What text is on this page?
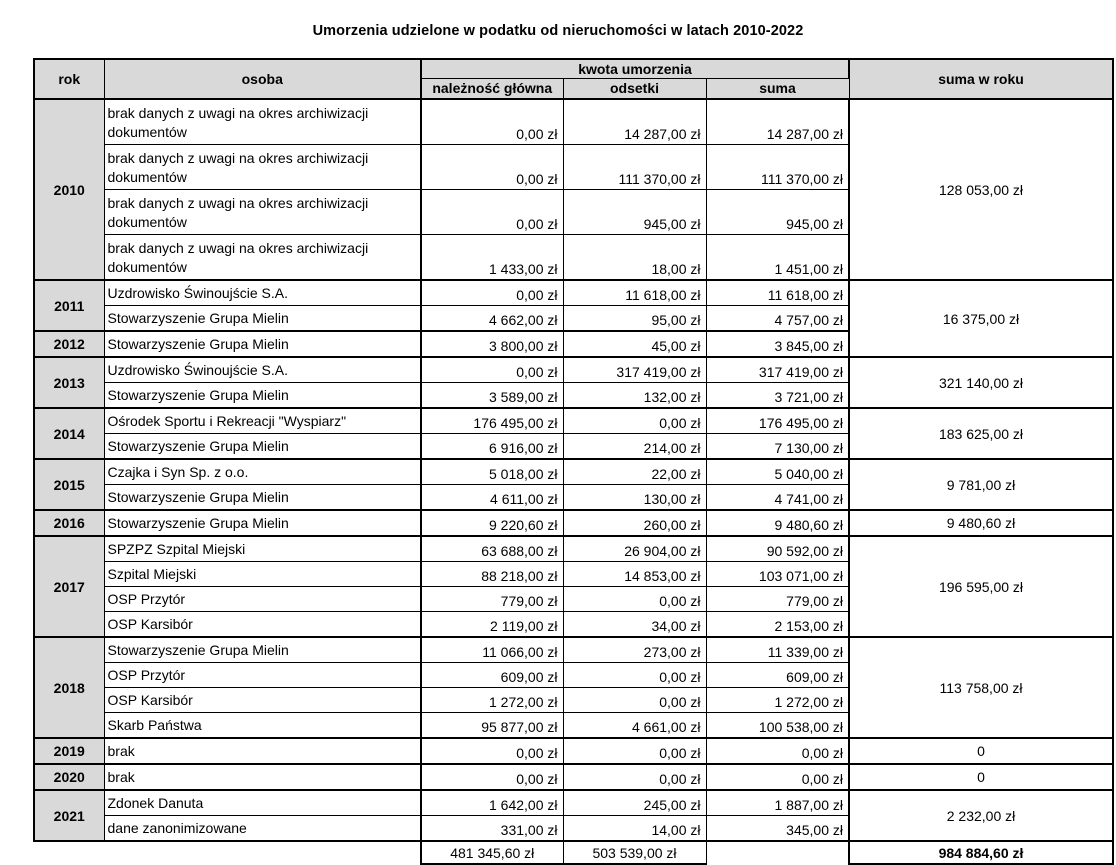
Umorzenia udzielone w podatku od nieruchomości w latach 2010-2022
rok	osoba	kwota umorzenia			suma w roku
		należność główna	odsetki	suma	
2010	brak danych z uwagi na okres archiwizacji dokumentów	0,00 zł	14 287,00 zł	14 287,00 zł	128 053,00 zł
	brak danych z uwagi na okres archiwizacji dokumentów	0,00 zł	111 370,00 zł	111 370,00 zł	
	brak danych z uwagi na okres archiwizacji dokumentów	0,00 zł	945,00 zł	945,00 zł	
	brak danych z uwagi na okres archiwizacji dokumentów	1 433,00 zł	18,00 zł	1 451,00 zł	
2011	Uzdrowisko Świnoujście S.A.	0,00 zł	11 618,00 zł	11 618,00 zł	16 375,00 zł
	Stowarzyszenie Grupa Mielin	4 662,00 zł	95,00 zł	4 757,00 zł	
2012	Stowarzyszenie Grupa Mielin	3 800,00 zł	45,00 zł	3 845,00 zł	
2013	Uzdrowisko Świnoujście S.A.	0,00 zł	317 419,00 zł	317 419,00 zł	321 140,00 zł
	Stowarzyszenie Grupa Mielin	3 589,00 zł	132,00 zł	3 721,00 zł	
2014	Ośrodek Sportu i Rekreacji "Wyspiarz"	176 495,00 zł	0,00 zł	176 495,00 zł	183 625,00 zł
	Stowarzyszenie Grupa Mielin	6 916,00 zł	214,00 zł	7 130,00 zł	
2015	Czajka i Syn Sp. z o.o.	5 018,00 zł	22,00 zł	5 040,00 zł	9 781,00 zł
	Stowarzyszenie Grupa Mielin	4 611,00 zł	130,00 zł	4 741,00 zł	
2016	Stowarzyszenie Grupa Mielin	9 220,60 zł	260,00 zł	9 480,60 zł	9 480,60 zł
2017	SPZPZ Szpital Miejski	63 688,00 zł	26 904,00 zł	90 592,00 zł	196 595,00 zł
	Szpital Miejski	88 218,00 zł	14 853,00 zł	103 071,00 zł	
	OSP Przytór	779,00 zł	0,00 zł	779,00 zł	
	OSP Karsibór	2 119,00 zł	34,00 zł	2 153,00 zł	
2018	Stowarzyszenie Grupa Mielin	11 066,00 zł	273,00 zł	11 339,00 zł	113 758,00 zł
	OSP Przytór	609,00 zł	0,00 zł	609,00 zł	
	OSP Karsibór	1 272,00 zł	0,00 zł	1 272,00 zł	
	Skarb Państwa	95 877,00 zł	4 661,00 zł	100 538,00 zł	
2019	brak	0,00 zł	0,00 zł	0,00 zł	0
2020	brak	0,00 zł	0,00 zł	0,00 zł	0
2021	Zdonek Danuta	1 642,00 zł	245,00 zł	1 887,00 zł	2 232,00 zł
	dane zanonimizowane	331,00 zł	14,00 zł	345,00 zł	
		481 345,60 zł	503 539,00 zł		984 884,60 zł
